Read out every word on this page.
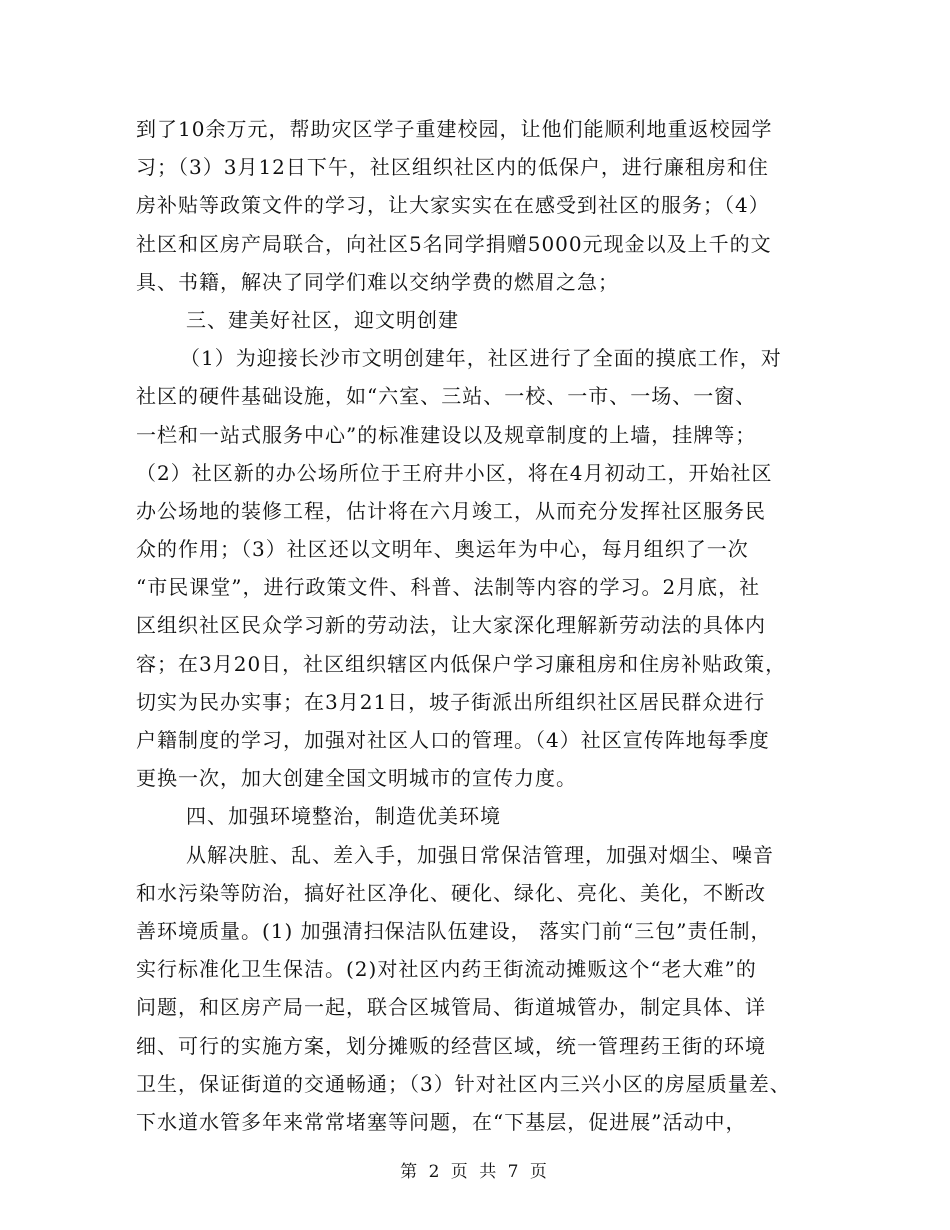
到了10余万元，帮助灾区学子重建校园，让他们能顺利地重返校园学
习；（3）3月12日下午，社区组织社区内的低保户，进行廉租房和住
房补贴等政策文件的学习，让大家实实在在感受到社区的服务；（4）
社区和区房产局联合，向社区5名同学捐赠5000元现金以及上千的文
具、书籍，解决了同学们难以交纳学费的燃眉之急；
三、建美好社区，迎文明创建
（1）为迎接长沙市文明创建年，社区进行了全面的摸底工作，对
社区的硬件基础设施，如“六室、三站、一校、一市、一场、一窗、
一栏和一站式服务中心”的标准建设以及规章制度的上墙，挂牌等；
（2）社区新的办公场所位于王府井小区，将在4月初动工，开始社区
办公场地的装修工程，估计将在六月竣工，从而充分发挥社区服务民
众的作用；（3）社区还以文明年、奥运年为中心，每月组织了一次
“市民课堂”，进行政策文件、科普、法制等内容的学习。2月底，社
区组织社区民众学习新的劳动法，让大家深化理解新劳动法的具体内
容；在3月20日，社区组织辖区内低保户学习廉租房和住房补贴政策，
切实为民办实事；在3月21日，坡子街派出所组织社区居民群众进行
户籍制度的学习，加强对社区人口的管理。（4）社区宣传阵地每季度
更换一次，加大创建全国文明城市的宣传力度。
四、加强环境整治，制造优美环境
从解决脏、乱、差入手，加强日常保洁管理，加强对烟尘、噪音
和水污染等防治，搞好社区净化、硬化、绿化、亮化、美化，不断改
善环境质量。(1) 加强清扫保洁队伍建设， 落实门前“三包”责任制，
实行标准化卫生保洁。(2)对社区内药王街流动摊贩这个“老大难”的
问题，和区房产局一起，联合区城管局、街道城管办，制定具体、详
细、可行的实施方案，划分摊贩的经营区域，统一管理药王街的环境
卫生，保证街道的交通畅通；（3）针对社区内三兴小区的房屋质量差、
下水道水管多年来常常堵塞等问题，在“下基层，促进展”活动中，
第 2 页 共 7 页
